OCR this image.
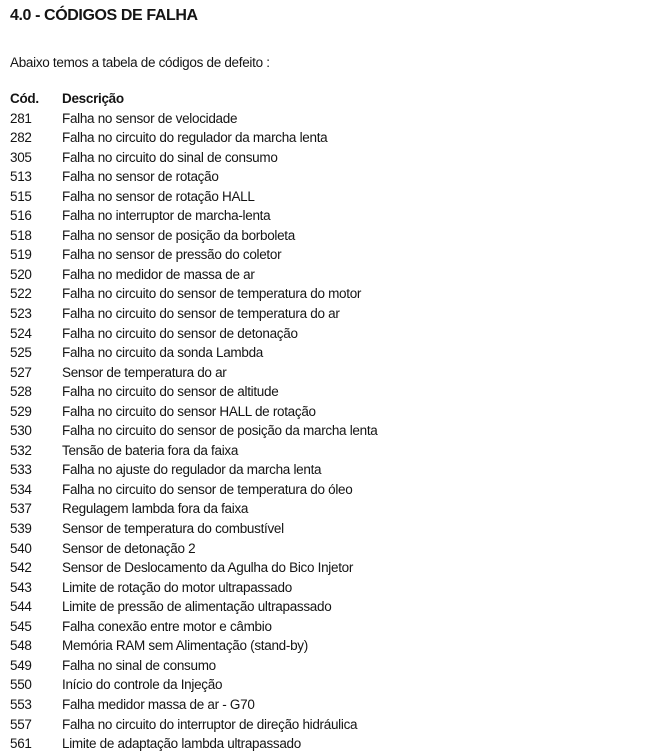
4.0 - CÓDIGOS DE FALHA

Abaixo temos a tabela de códigos de defeito :

Cód.	Descrição
281	Falha no sensor de velocidade
282	Falha no circuito do regulador da marcha lenta
305	Falha no circuito do sinal de consumo
513	Falha no sensor de rotação
515	Falha no sensor de rotação HALL
516	Falha no interruptor de marcha-lenta
518	Falha no sensor de posição da borboleta
519	Falha no sensor de pressão do coletor
520	Falha no medidor de massa de ar
522	Falha no circuito do sensor de temperatura do motor
523	Falha no circuito do sensor de temperatura do ar
524	Falha no circuito do sensor de detonação
525	Falha no circuito da sonda Lambda
527	Sensor de temperatura do ar
528	Falha no circuito do sensor de altitude
529	Falha no circuito do sensor HALL de rotação
530	Falha no circuito do sensor de posição da marcha lenta
532	Tensão de bateria fora da faixa
533	Falha no ajuste do regulador da marcha lenta
534	Falha no circuito do sensor de temperatura do óleo
537	Regulagem lambda fora da faixa
539	Sensor de temperatura do combustível
540	Sensor de detonação 2
542	Sensor de Deslocamento da Agulha do Bico Injetor
543	Limite de rotação do motor ultrapassado
544	Limite de pressão de alimentação ultrapassado
545	Falha conexão entre motor e câmbio
548	Memória RAM sem Alimentação (stand-by)
549	Falha no sinal de consumo
550	Início do controle da Injeção
553	Falha medidor massa de ar - G70
557	Falha no circuito do interruptor de direção hidráulica
561	Limite de adaptação lambda ultrapassado
